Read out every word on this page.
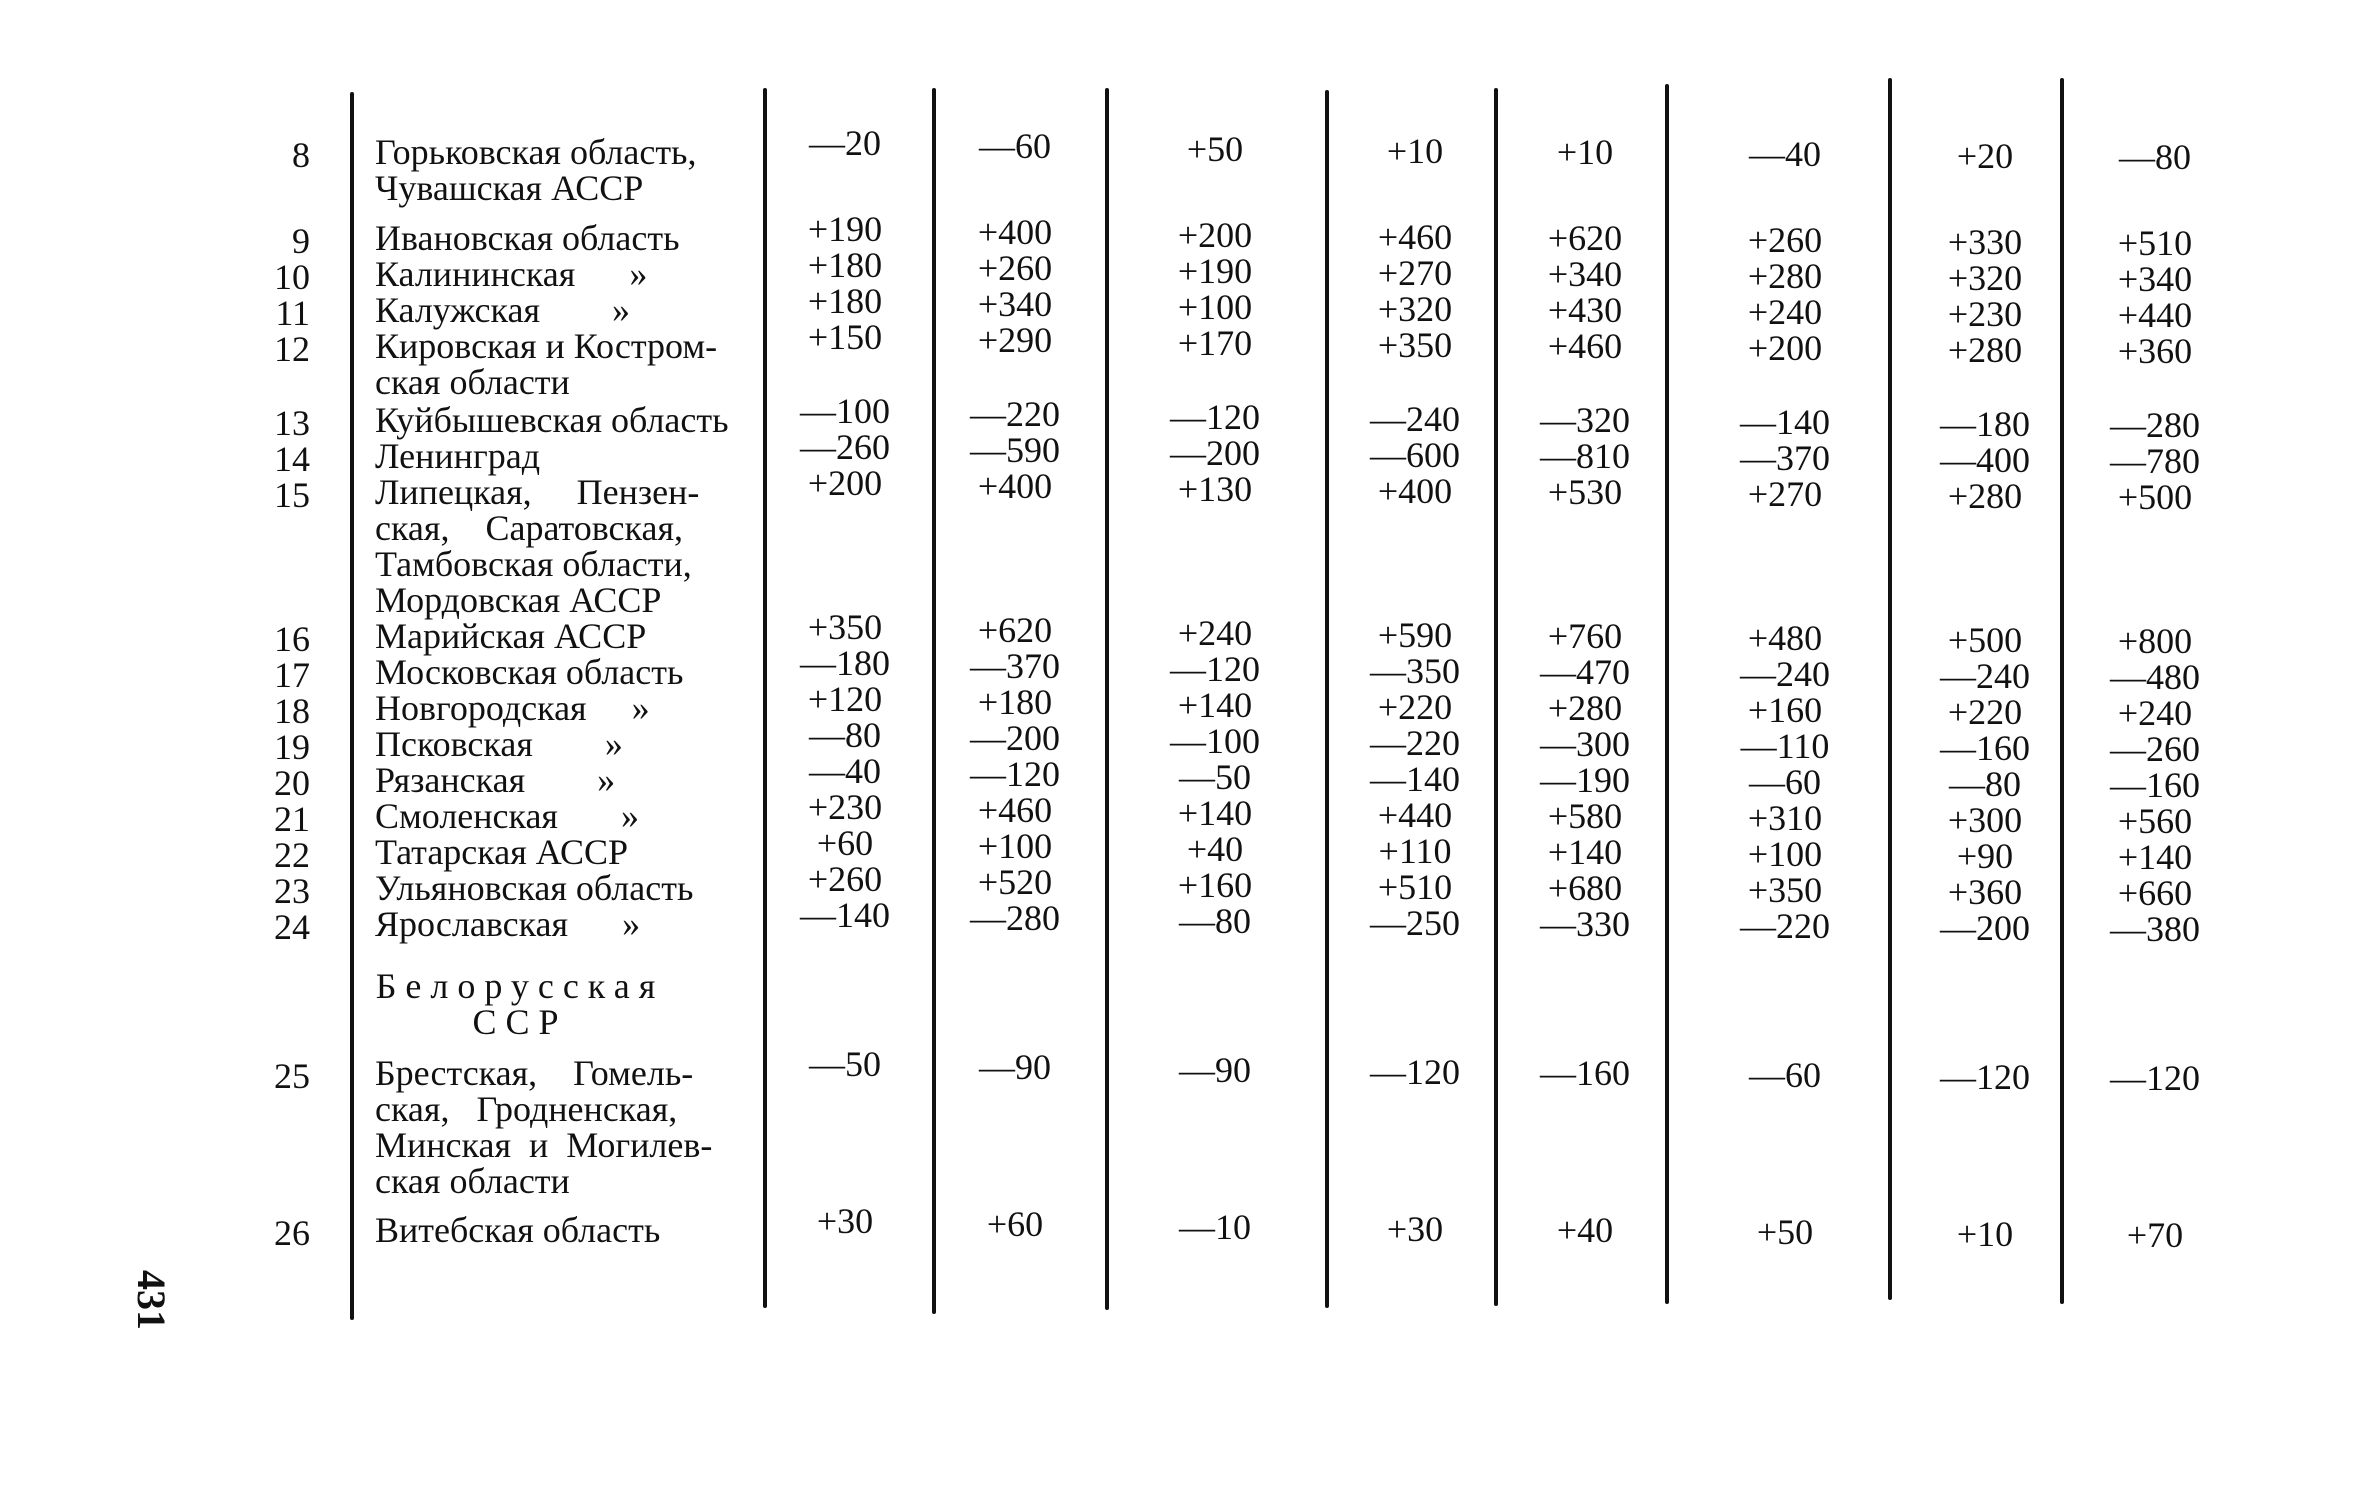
8 Горьковская область,
Чувашская АССР
—20	—60	+50	+10	+10	—40	+20	—80
9 Ивановская область	+190	+400	+200	+460	+620	+260	+330	+510
10 Калининская      »	+180	+260	+190	+270	+340	+280	+320	+340
11 Калужская        »	+180	+340	+100	+320	+430	+240	+230	+440
12 Кировская и Костром-
ская области
+150	+290	+170	+350	+460	+200	+280	+360
13 Куйбышевская область	—100	—220	—120	—240	—320	—140	—180	—280
14 Ленинград	—260	—590	—200	—600	—810	—370	—400	—780
15 Липецкая,     Пензен-
ская,    Саратовская,
Тамбовская области,
Мордовская АССР
+200	+400	+130	+400	+530	+270	+280	+500
16 Марийская АССР	+350	+620	+240	+590	+760	+480	+500	+800
17 Московская область	—180	—370	—120	—350	—470	—240	—240	—480
18 Новгородская     »	+120	+180	+140	+220	+280	+160	+220	+240
19 Псковская        »	—80	—200	—100	—220	—300	—110	—160	—260
20 Рязанская        »	—40	—120	—50	—140	—190	—60	—80	—160
21 Смоленская       »	+230	+460	+140	+440	+580	+310	+300	+560
22 Татарская АССР	+60	+100	+40	+110	+140	+100	+90	+140
23 Ульяновская область	+260	+520	+160	+510	+680	+350	+360	+660
24 Ярославская      »	—140	—280	—80	—250	—330	—220	—200	—380
25 Брестская,    Гомель-
ская,   Гродненская,
Минская  и  Могилев-
ская области
—50	—90	—90	—120	—160	—60	—120	—120
26 Витебская область	+30	+60	—10	+30	+40	+50	+10	+70
Белорусская
ССР
431
